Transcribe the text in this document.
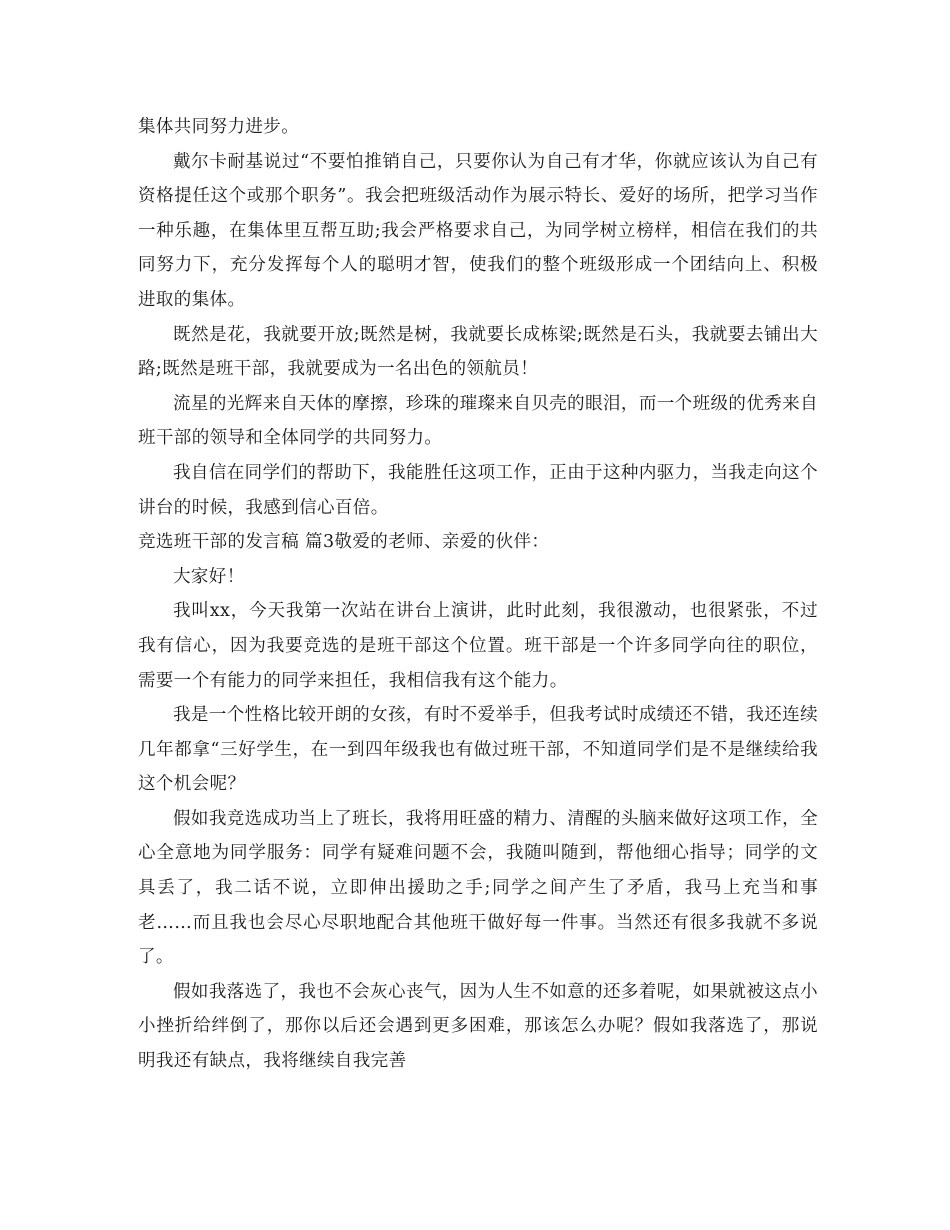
集体共同努力进步。

戴尔卡耐基说过“不要怕推销自己，只要你认为自己有才华，你就应该认为自己有资格提任这个或那个职务”。我会把班级活动作为展示特长、爱好的场所，把学习当作一种乐趣，在集体里互帮互助;我会严格要求自己，为同学树立榜样，相信在我们的共同努力下，充分发挥每个人的聪明才智，使我们的整个班级形成一个团结向上、积极进取的集体。

既然是花，我就要开放;既然是树，我就要长成栋梁;既然是石头，我就要去铺出大路;既然是班干部，我就要成为一名出色的领航员！

流星的光辉来自天体的摩擦，珍珠的璀璨来自贝壳的眼泪，而一个班级的优秀来自班干部的领导和全体同学的共同努力。

我自信在同学们的帮助下，我能胜任这项工作，正由于这种内驱力，当我走向这个讲台的时候，我感到信心百倍。

竞选班干部的发言稿 篇3敬爱的老师、亲爱的伙伴：

大家好！

我叫xx，今天我第一次站在讲台上演讲，此时此刻，我很激动，也很紧张，不过我有信心，因为我要竞选的是班干部这个位置。班干部是一个许多同学向往的职位，需要一个有能力的同学来担任，我相信我有这个能力。

我是一个性格比较开朗的女孩，有时不爱举手，但我考试时成绩还不错，我还连续几年都拿“三好学生，在一到四年级我也有做过班干部，不知道同学们是不是继续给我这个机会呢？

假如我竞选成功当上了班长，我将用旺盛的精力、清醒的头脑来做好这项工作，全心全意地为同学服务：同学有疑难问题不会，我随叫随到，帮他细心指导；同学的文具丢了，我二话不说，立即伸出援助之手;同学之间产生了矛盾，我马上充当和事老……而且我也会尽心尽职地配合其他班干做好每一件事。当然还有很多我就不多说了。

假如我落选了，我也不会灰心丧气，因为人生不如意的还多着呢，如果就被这点小小挫折给绊倒了，那你以后还会遇到更多困难，那该怎么办呢？假如我落选了，那说明我还有缺点，我将继续自我完善
